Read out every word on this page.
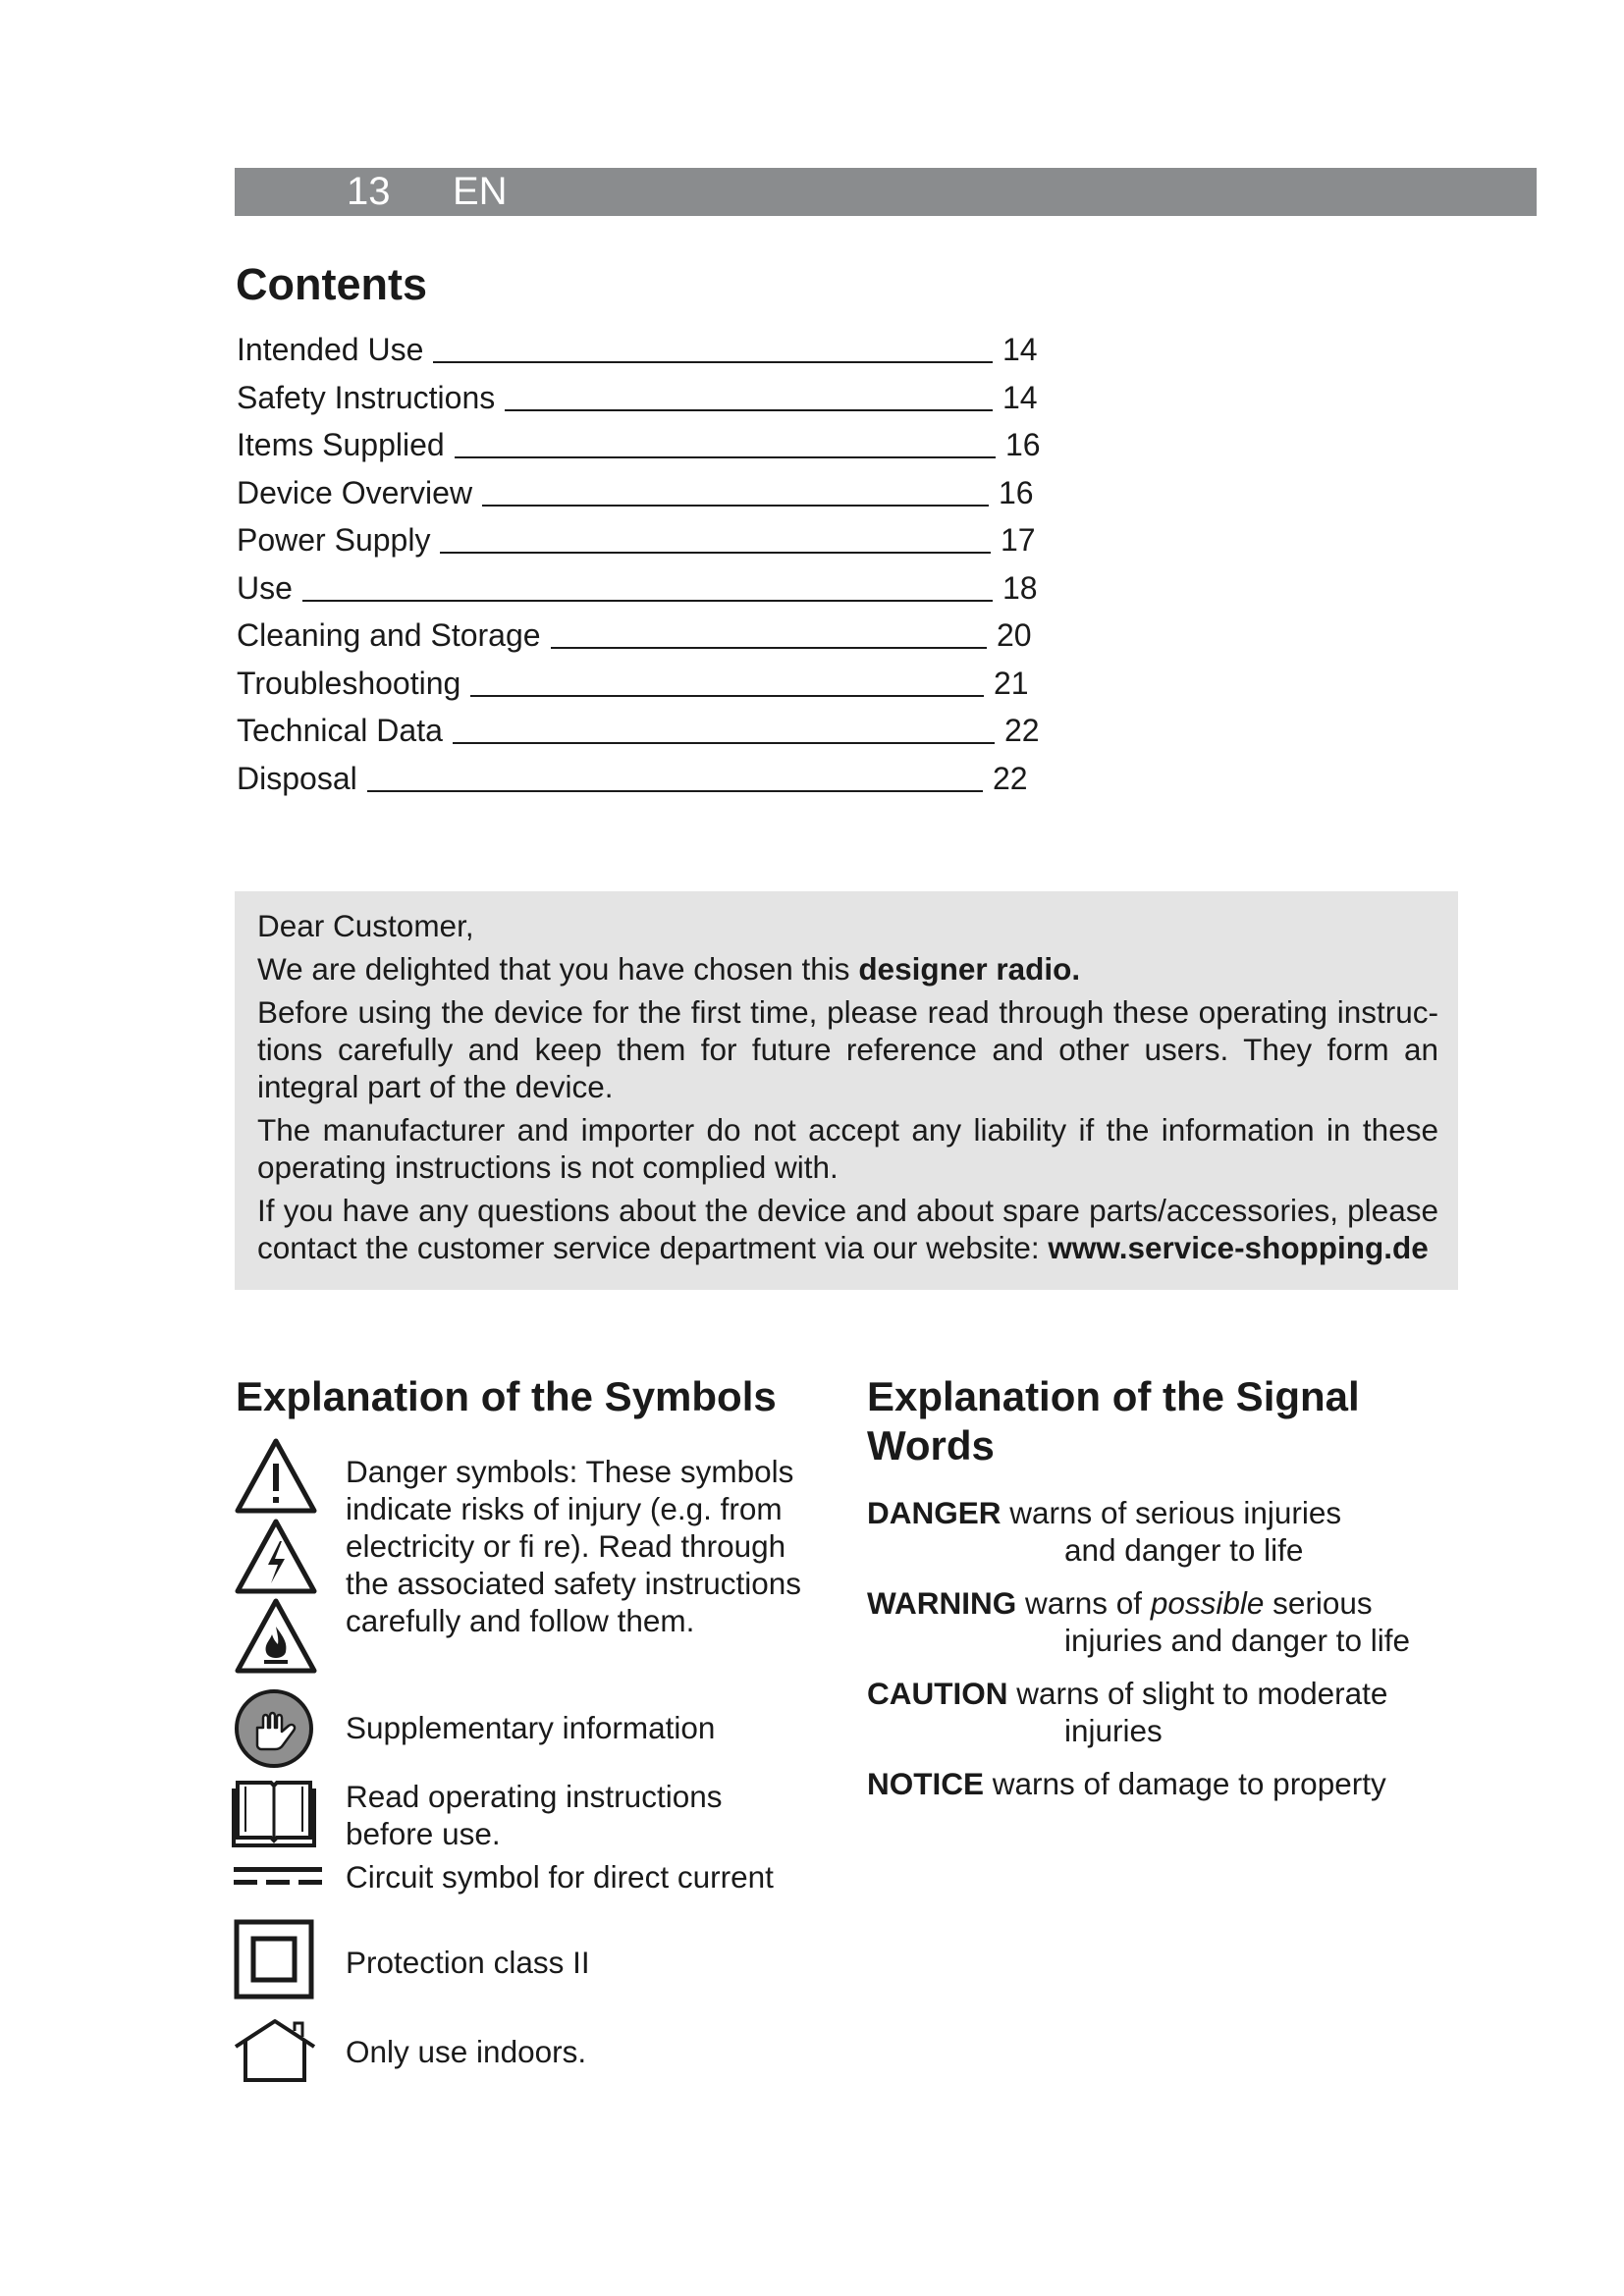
13 EN
Contents
Intended Use	14
Safety Instructions	14
Items Supplied	16
Device Overview	16
Power Supply	17
Use	18
Cleaning and Storage	20
Troubleshooting	21
Technical Data	22
Disposal	22

Dear Customer,

We are delighted that you have chosen this designer radio.

Before using the device for the first time, please read through these operating instruc-tions carefully and keep them for future reference and other users. They form an integral part of the device.

The manufacturer and importer do not accept any liability if the information in these operating instructions is not complied with.

If you have any questions about the device and about spare parts/accessories, please contact the customer service department via our website: www.service-shopping.de

Explanation of the Symbols
Danger symbols: These symbols indicate risks of injury (e.g. from electricity or fi re). Read through the associated safety instructions carefully and follow them.
Supplementary information
Read operating instructions before use.
Circuit symbol for direct current
Protection class II
Only use indoors.
Explanation of the Signal Words
DANGER warns of serious injuries
and danger to life
WARNING warns of possible serious
injuries and danger to life
CAUTION warns of slight to moderate
injuries
NOTICE warns of damage to property
